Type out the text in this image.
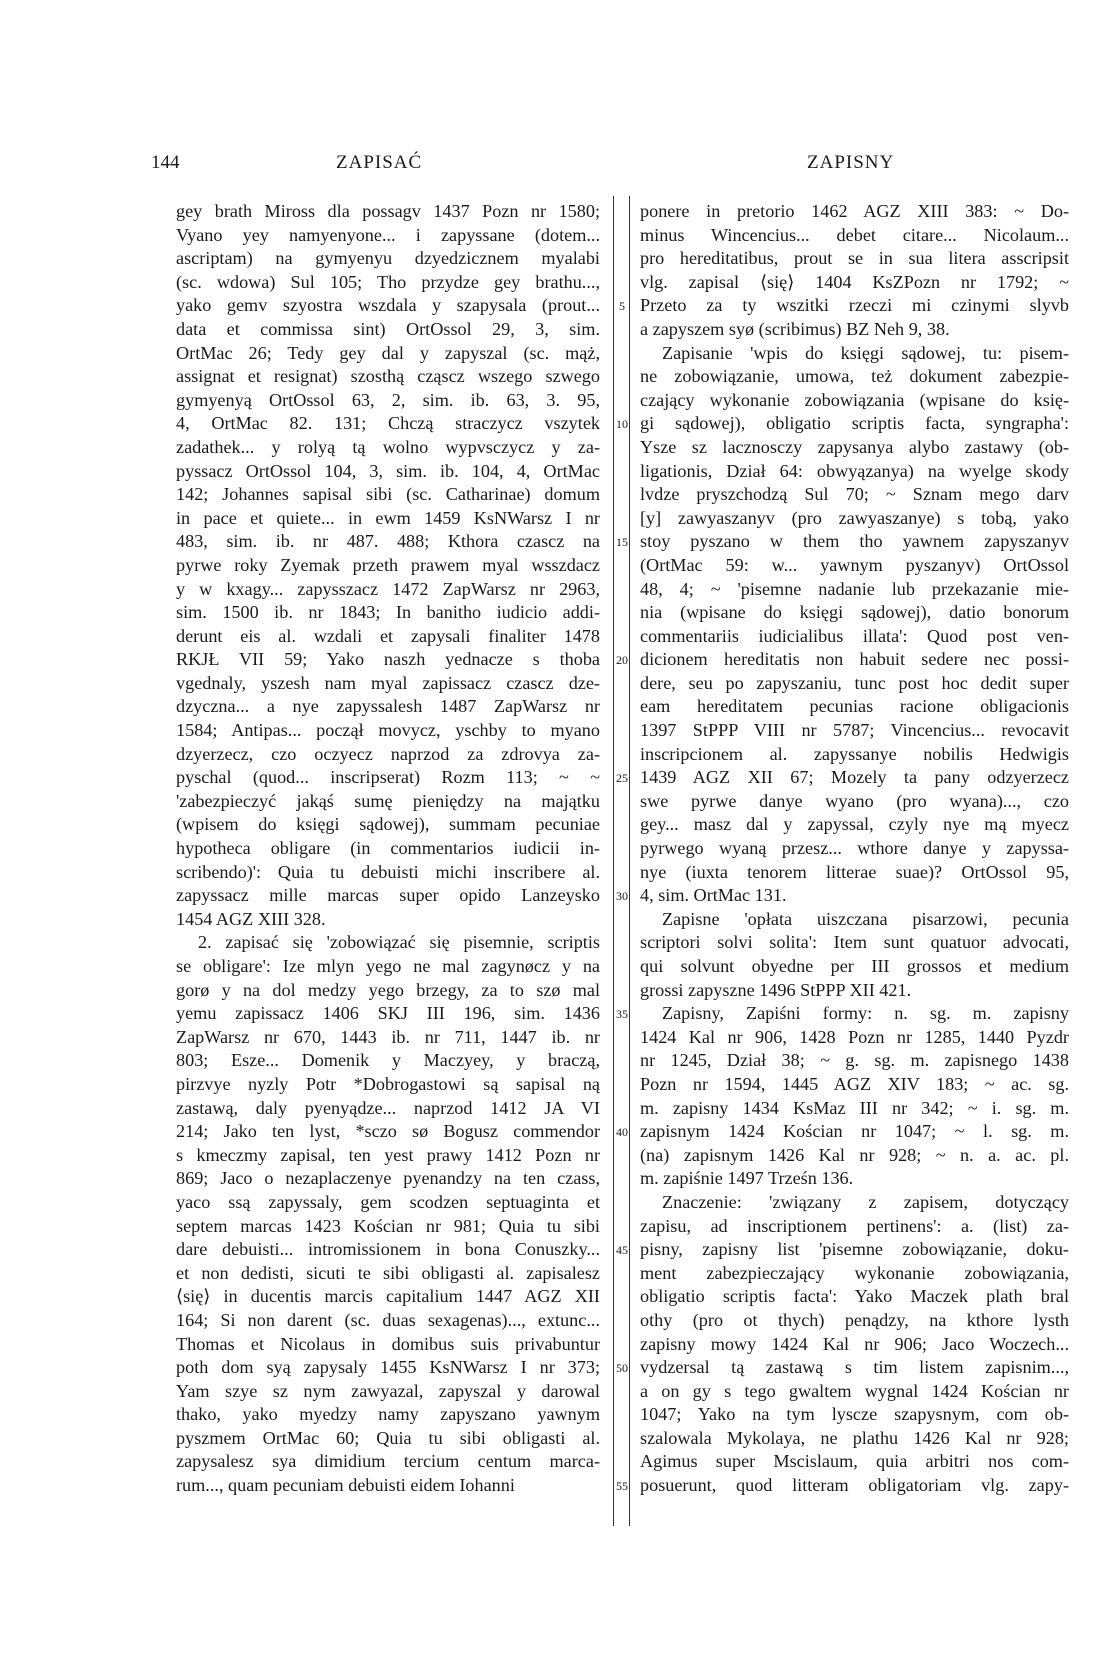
144	ZAPISAĆ	ZAPISNY
5
10
15
20
25
30
35
40
45
50
55
gey brath Miross dla possagv 1437 Pozn nr 1580;
Vyano yey namyenyone... i zapyssane (dotem...
ascriptam) na gymyenyu dzyedzicznem myalabi
(sc. wdowa) Sul 105; Tho przydze gey brathu...,
yako gemv szyostra wszdala y szapysala (prout...
data et commissa sint) OrtOssol 29, 3, sim.
OrtMac 26; Tedy gey dal y zapyszal (sc. mąż,
assignat et resignat) szosthą cząscz wszego szwego
gymyenyą OrtOssol 63, 2, sim. ib. 63, 3. 95,
4, OrtMac 82. 131; Chczą straczycz vszytek
zadathek... y rolyą tą wolno wypvsczycz y za-
pyssacz OrtOssol 104, 3, sim. ib. 104, 4, OrtMac
142; Johannes sapisal sibi (sc. Catharinae) domum
in pace et quiete... in ewm 1459 KsNWarsz I nr
483, sim. ib. nr 487. 488; Kthora czascz na
pyrwe roky Zyemak przeth prawem myal wsszdacz
y w kxagy... zapysszacz 1472 ZapWarsz nr 2963,
sim. 1500 ib. nr 1843; In banitho iudicio addi-
derunt eis al. wzdali et zapysali finaliter 1478
RKJŁ VII 59; Yako naszh yednacze s thoba
vgednaly, yszesh nam myal zapissacz czascz dze-
dzyczna... a nye zapyssalesh 1487 ZapWarsz nr
1584; Antipas... począł movycz, yschby to myano
dzyerzecz, czo oczyecz naprzod za zdrovya za-
pyschal (quod... inscripserat) Rozm 113; ~ ~
'zabezpieczyć jakąś sumę pieniędzy na majątku
(wpisem do księgi sądowej), summam pecuniae
hypotheca obligare (in commentarios iudicii in-
scribendo)': Quia tu debuisti michi inscribere al.
zapyssacz mille marcas super opido Lanzeysko
1454 AGZ XIII 328.
2. zapisać się 'zobowiązać się pisemnie, scriptis
se obligare': Ize mlyn yego ne mal zagynøcz y na
gorø y na dol medzy yego brzegy, za to szø mal
yemu zapissacz 1406 SKJ III 196, sim. 1436
ZapWarsz nr 670, 1443 ib. nr 711, 1447 ib. nr
803; Esze... Domenik y Maczyey, y braczą,
pirzvye nyzly Potr *Dobrogastowi są sapisal ną
zastawą, daly pyenyądze... naprzod 1412 JA VI
214; Jako ten lyst, *sczo sø Bogusz commendor
s kmeczmy zapisal, ten yest prawy 1412 Pozn nr
869; Jaco o nezaplaczenye pyenandzy na ten czass,
yaco ssą zapyssaly, gem scodzen septuaginta et
septem marcas 1423 Kościan nr 981; Quia tu sibi
dare debuisti... intromissionem in bona Conuszky...
et non dedisti, sicuti te sibi obligasti al. zapisalesz
⟨się⟩ in ducentis marcis capitalium 1447 AGZ XII
164; Si non darent (sc. duas sexagenas)..., extunc...
Thomas et Nicolaus in domibus suis privabuntur
poth dom syą zapysaly 1455 KsNWarsz I nr 373;
Yam szye sz nym zawyazal, zapyszal y darowal
thako, yako myedzy namy zapyszano yawnym
pyszmem OrtMac 60; Quia tu sibi obligasti al.
zapysalesz sya dimidium tercium centum marca-
rum..., quam pecuniam debuisti eidem Iohanni
ponere in pretorio 1462 AGZ XIII 383: ~ Do-
minus Wincencius... debet citare... Nicolaum...
pro hereditatibus, prout se in sua litera asscripsit
vlg. zapisal ⟨się⟩ 1404 KsZPozn nr 1792; ~
Przeto za ty wszitki rzeczi mi czinymi slyvb
a zapyszem syø (scribimus) BZ Neh 9, 38.
Zapisanie 'wpis do księgi sądowej, tu: pisem-
ne zobowiązanie, umowa, też dokument zabezpie-
czający wykonanie zobowiązania (wpisane do księ-
gi sądowej), obligatio scriptis facta, syngrapha':
Ysze sz lacznosczy zapysanya alybo zastawy (ob-
ligationis, Dział 64: obwyązanya) na wyelge skody
lvdze pryszchodzą Sul 70; ~ Sznam mego darv
[y] zawyaszanyv (pro zawyaszanye) s tobą, yako
stoy pyszano w them tho yawnem zapyszanyv
(OrtMac 59: w... yawnym pyszanyv) OrtOssol
48, 4; ~ 'pisemne nadanie lub przekazanie mie-
nia (wpisane do księgi sądowej), datio bonorum
commentariis iudicialibus illata': Quod post ven-
dicionem hereditatis non habuit sedere nec possi-
dere, seu po zapyszaniu, tunc post hoc dedit super
eam hereditatem pecunias racione obligacionis
1397 StPPP VIII nr 5787; Vincencius... revocavit
inscripcionem al. zapyssanye nobilis Hedwigis
1439 AGZ XII 67; Mozely ta pany odzyerzecz
swe pyrwe danye wyano (pro wyana)..., czo
gey... masz dal y zapyssal, czyly nye mą myecz
pyrwego wyaną przesz... wthore danye y zapyssa-
nye (iuxta tenorem litterae suae)? OrtOssol 95,
4, sim. OrtMac 131.
Zapisne 'opłata uiszczana pisarzowi, pecunia
scriptori solvi solita': Item sunt quatuor advocati,
qui solvunt obyedne per III grossos et medium
grossi zapyszne 1496 StPPP XII 421.
Zapisny, Zapiśni formy: n. sg. m. zapisny
1424 Kal nr 906, 1428 Pozn nr 1285, 1440 Pyzdr
nr 1245, Dział 38; ~ g. sg. m. zapisnego 1438
Pozn nr 1594, 1445 AGZ XIV 183; ~ ac. sg.
m. zapisny 1434 KsMaz III nr 342; ~ i. sg. m.
zapisnym 1424 Kościan nr 1047; ~ l. sg. m.
(na) zapisnym 1426 Kal nr 928; ~ n. a. ac. pl.
m. zapiśnie 1497 Trześn 136.
Znaczenie: 'związany z zapisem, dotyczący
zapisu, ad inscriptionem pertinens': a. (list) za-
pisny, zapisny list 'pisemne zobowiązanie, doku-
ment zabezpieczający wykonanie zobowiązania,
obligatio scriptis facta': Yako Maczek plath bral
othy (pro ot thych) penądzy, na kthore lysth
zapisny mowy 1424 Kal nr 906; Jaco Woczech...
vydzersal tą zastawą s tim listem zapisnim...,
a on gy s tego gwaltem wygnal 1424 Kościan nr
1047; Yako na tym lyscze szapysnym, com ob-
szalowala Mykolaya, ne plathu 1426 Kal nr 928;
Agimus super Mscislaum, quia arbitri nos com-
posuerunt, quod litteram obligatoriam vlg. zapy-
